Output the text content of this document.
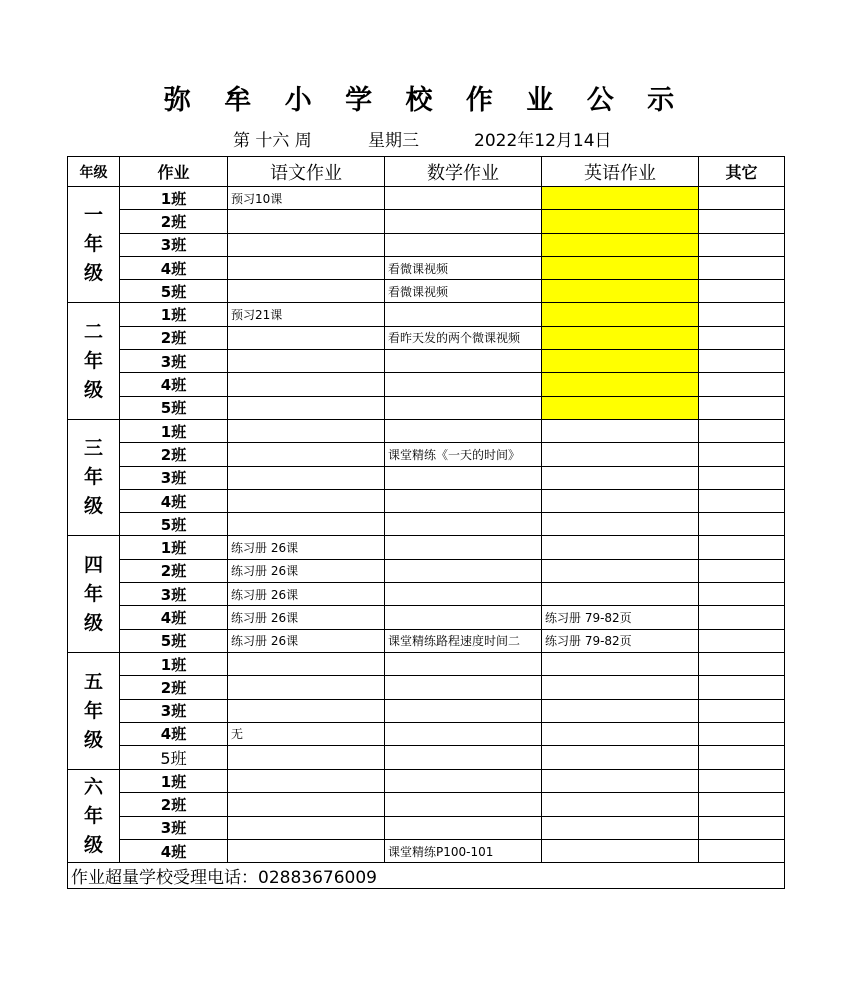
弥 牟 小 学 校 作 业 公 示
第 十六 周	星期三	2022年12月14日
年级	作业	语文作业	数学作业	英语作业	其它

一
年
级	1班	预习10课			
	2班				
	3班				
	4班		看微课视频		
	5班		看微课视频		

二
年
级	1班	预习21课			
	2班		看昨天发的两个微课视频		
	3班				
	4班				
	5班				

三
年
级	1班				
	2班		课堂精练《一天的时间》		
	3班				
	4班				
	5班				

四
年
级	1班	练习册 26课			
	2班	练习册 26课			
	3班	练习册 26课			
	4班	练习册 26课		练习册 79-82页	
	5班	练习册 26课	课堂精练路程速度时间二	练习册 79-82页	

五
年
级	1班				
	2班				
	3班				
	4班	无			
	5班				

六
年
级	1班				
	2班				
	3班				
	4班		课堂精练P100-101		
作业超量学校受理电话：02883676009					
